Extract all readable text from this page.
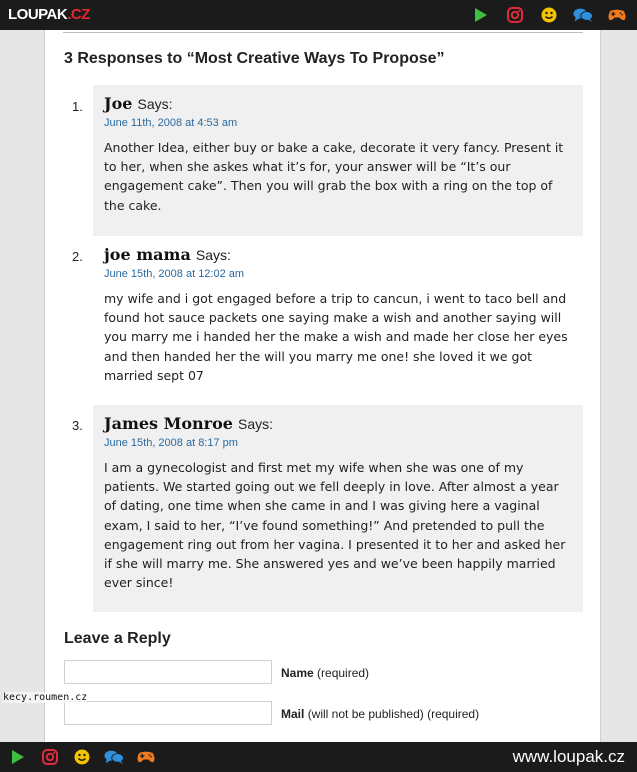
LOUPAK.CZ
3 Responses to “Most Creative Ways To Propose”
1.	Joe Says:
June 11th, 2008 at 4:53 am

Another Idea, either buy or bake a cake, decorate it very fancy. Present it to her, when she askes what it’s for, your answer will be “It’s our engagement cake”. Then you will grab the box with a ring on the top of the cake.

2.	joe mama Says:
June 15th, 2008 at 12:02 am

my wife and i got engaged before a trip to cancun, i went to taco bell and found hot sauce packets one saying make a wish and another saying will you marry me i handed her the make a wish and made her close her eyes and then handed her the will you marry me one! she loved it we got married sept 07

3.	James Monroe Says:
June 15th, 2008 at 8:17 pm

I am a gynecologist and first met my wife when she was one of my patients. We started going out we fell deeply in love. After almost a year of dating, one time when she came in and I was giving here a vaginal exam, I said to her, “I’ve found something!” And pretended to pull the engagement ring out from her vagina. I presented it to her and asked her if she will marry me. She answered yes and we’ve been happily married ever since!

Leave a Reply
Name (required)
Mail (will not be published) (required)
kecy.roumen.cz
www.loupak.cz
